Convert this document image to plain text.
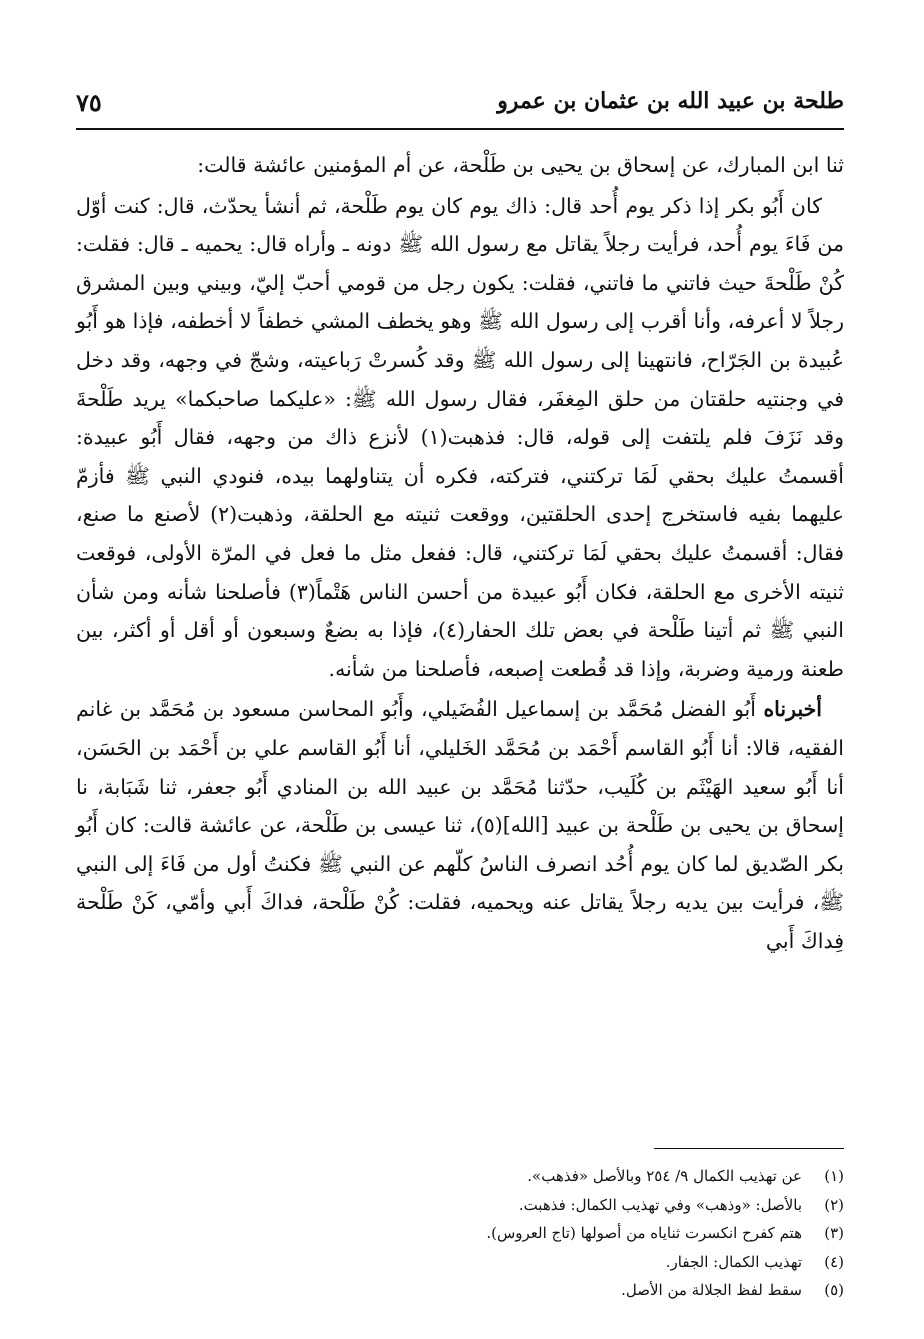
طلحة بن عبيد الله بن عثمان بن عمرو
٧٥

ثنا ابن المبارك، عن إسحاق بن يحيى بن طَلْحة، عن أم المؤمنين عائشة قالت:

كان أَبُو بكر إذا ذكر يوم أُحد قال: ذاك يوم كان يوم طَلْحة، ثم أنشأ يحدّث، قال: كنت أوّل من فَاءَ يوم أُحد، فرأيت رجلاً يقاتل مع رسول الله ﷺ دونه ـ وأراه قال: يحميه ـ قال: فقلت: كُنْ طَلْحةَ حيث فاتني ما فاتني، فقلت: يكون رجل من قومي أحبّ إليّ، وبيني وبين المشرق رجلاً لا أعرفه، وأنا أقرب إلى رسول الله ﷺ وهو يخطف المشي خطفاً لا أخطفه، فإذا هو أَبُو عُبيدة بن الجَرّاح، فانتهينا إلى رسول الله ﷺ وقد كُسرتْ رَباعيته، وشجّ في وجهه، وقد دخل في وجنتيه حلقتان من حلق المِغفَر، فقال رسول الله ﷺ: «عليكما صاحبكما» يريد طَلْحةَ وقد نَزَفَ فلم يلتفت إلى قوله، قال: فذهبت(١) لأنزع ذاك من وجهه، فقال أَبُو عبيدة: أقسمتُ عليك بحقي لَمَا تركتني، فتركته، فكره أن يتناولهما بيده، فنودي النبي ﷺ فأزمّ عليهما بفيه فاستخرج إحدى الحلقتين، ووقعت ثنيته مع الحلقة، وذهبت(٢) لأصنع ما صنع، فقال: أقسمتُ عليك بحقي لَمَا تركتني، قال: ففعل مثل ما فعل في المرّة الأولى، فوقعت ثنيته الأخرى مع الحلقة، فكان أَبُو عبيدة من أحسن الناس هَتْماً(٣) فأصلحنا شأنه ومن شأن النبي ﷺ ثم أتينا طَلْحة في بعض تلك الحفار(٤)، فإذا به بضعٌ وسبعون أو أقل أو أكثر، بين طعنة ورمية وضربة، وإذا قد قُطعت إصبعه، فأصلحنا من شأنه.

أخبرناه أَبُو الفضل مُحَمَّد بن إسماعيل الفُضَيلي، وأَبُو المحاسن مسعود بن مُحَمَّد بن غانم الفقيه، قالا: أنا أَبُو القاسم أَحْمَد بن مُحَمَّد الخَليلي، أنا أَبُو القاسم علي بن أَحْمَد بن الحَسَن، أنا أَبُو سعيد الهَيْثَم بن كُلَيب، حدّثنا مُحَمَّد بن عبيد الله بن المنادي أَبُو جعفر، ثنا شَبَابة، نا إسحاق بن يحيى بن طَلْحة بن عبيد [الله](٥)، ثنا عيسى بن طَلْحة، عن عائشة قالت: كان أَبُو بكر الصّديق لما كان يوم أُحُد انصرف الناسُ كلّهم عن النبي ﷺ فكنتُ أول من فَاءَ إلى النبي ﷺ، فرأيت بين يديه رجلاً يقاتل عنه ويحميه، فقلت: كُنْ طَلْحة، فداكَ أَبي وأمّي، كَنْ طَلْحة فِداكَ أَبي

(١)
عن تهذيب الكمال ٩/ ٢٥٤ وبالأصل «فذهب».
(٢)
بالأصل: «وذهب» وفي تهذيب الكمال: فذهبت.
(٣)
هتم كفرح انكسرت ثناياه من أصولها (تاج العروس).
(٤)
تهذيب الكمال: الجفار.
(٥)
سقط لفظ الجلالة من الأصل.
